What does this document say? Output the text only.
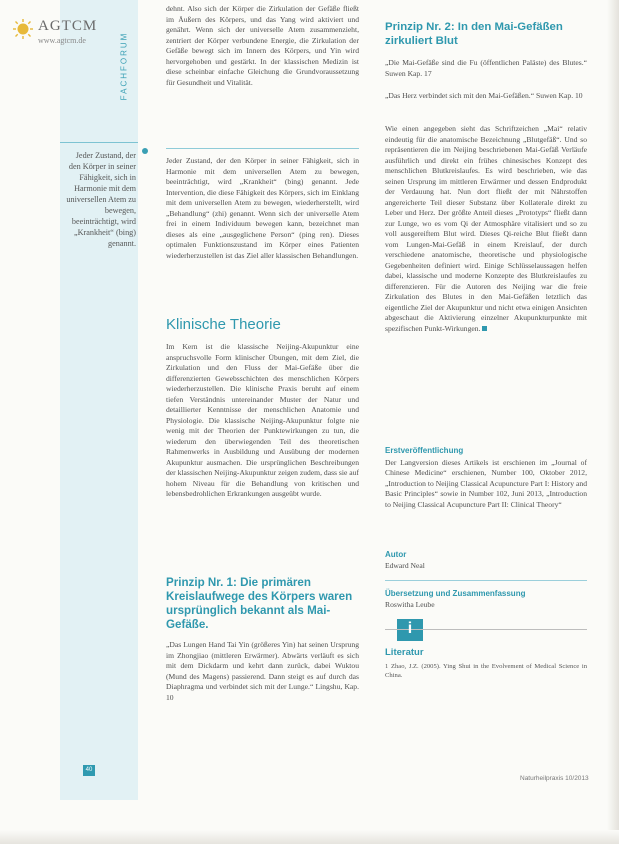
AGTCM
www.agtcm.de	FACHFORUM
Jeder Zustand, der den Körper in seiner Fähigkeit, sich in Harmonie mit dem universellen Atem zu bewegen, beeinträchtigt, wird „Krankheit“ (bing) genannt.

dehnt. Also sich der Körper die Zirkulation der Gefäße fließt im Äußern des Körpers, und das Yang wird aktiviert und genährt. Wenn sich der universelle Atem zusammenzieht, zentriert der Körper verbundene Energie, die Zirkulation der Gefäße bewegt sich im Innern des Körpers, und Yin wird hervorgehoben und gestärkt. In der klassischen Medizin ist diese scheinbar einfache Gleichung die Grundvoraussetzung für Gesundheit und Vitalität.

Jeder Zustand, der den Körper in seiner Fähigkeit, sich in Harmonie mit dem universellen Atem zu bewegen, beeinträchtigt, wird „Krankheit“ (bing) genannt. Jede Intervention, die diese Fähigkeit des Körpers, sich im Einklang mit dem universellen Atem zu bewegen, wiederherstellt, wird „Behandlung“ (zhi) genannt. Wenn sich der universelle Atem frei in einem Individuum bewegen kann, bezeichnet man dieses als eine „ausgeglichene Person“ (ping ren). Dieses optimalen Funktionszustand im Körper eines Patienten wiederherzustellen ist das Ziel aller klassischen Behandlungen.

Klinische Theorie

Im Kern ist die klassische Neijing-Akupunktur eine anspruchsvolle Form klinischer Übungen, mit dem Ziel, die Zirkulation und den Fluss der Mai-Gefäße über die differenzierten Gewebsschichten des menschlichen Körpers wiederherzustellen. Die klinische Praxis beruht auf einem tiefen Verständnis untereinander Muster der Natur und detaillierter Kenntnisse der menschlichen Anatomie und Physiologie. Die klassische Neijing-Akupunktur folgte nie wenig mit der Theorien der Punktewirkungen zu tun, die wiederum den überwiegenden Teil des theoretischen Rahmenwerks in Ausbildung und Ausübung der modernen Akupunktur ausmachen. Die ursprünglichen Beschreibungen der klassischen Neijing-Akupunktur zeigen zudem, dass sie auf hohem Niveau für die Behandlung von kritischen und lebensbedrohlichen Erkrankungen ausgeübt wurde.

Prinzip Nr. 1: Die primären Kreislaufwege des Körpers waren ursprünglich bekannt als Mai-Gefäße.

„Das Lungen Hand Tai Yin (größeres Yin) hat seinen Ursprung im Zhongjiao (mittleren Erwärmer). Abwärts verläuft es sich mit dem Dickdarm und kehrt dann zurück, dabei Wuktou (Mund des Magens) passierend. Dann steigt es auf durch das Diaphragma und verbindet sich mit der Lunge.“ Lingshu, Kap. 10

Prinzip Nr. 2: In den Mai-Gefäßen zirkuliert Blut

„Die Mai-Gefäße sind die Fu (öffentlichen Paläste) des Blutes.“ Suwen Kap. 17

„Das Herz verbindet sich mit den Mai-Gefäßen.“ Suwen Kap. 10

Wie einen angegeben sieht das Schriftzeichen „Mai“ relativ eindeutig für die anatomische Bezeichnung „Blutgefäß“. Und so repräsentieren die im Neijing beschriebenen Mai-Gefäß Verläufe ausführlich und direkt ein frühes chinesisches Konzept des menschlichen Blutkreislaufes. Es wird beschrieben, wie das seinen Ursprung im mittleren Erwärmer und dessen Endprodukt der Verdauung hat. Nun dort fließt der mit Nährstoffen angereicherte Teil dieser Substanz über Kollaterale direkt zu Leber und Herz. Der größte Anteil dieses „Prototyps“ fließt dann zur Lunge, wo es vom Qi der Atmosphäre vitalisiert und so zu voll ausgereiftem Blut wird. Dieses Qi-reiche Blut fließt dann vom Lungen-Mai-Gefäß in einem Kreislauf, der durch verschiedene anatomische, theoretische und physiologische Gegebenheiten definiert wird. Einige Schlüsselaussagen helfen dabei, klassische und moderne Konzepte des Blutkreislaufes zu differenzieren. Für die Autoren des Neijing war die freie Zirkulation des Blutes in den Mai-Gefäßen letztlich das eigentliche Ziel der Akupunktur und nicht etwa einigen Ansichten abgeschaut die Aktivierung einzelner Akupunkturpunkte mit spezifischen Punkt-Wirkungen.

Erstveröffentlichung

Der Langversion dieses Artikels ist erschienen im „Journal of Chinese Medicine“ erschienen, Number 100, Oktober 2012, „Introduction to Neijing Classical Acupuncture Part I: History and Basic Principles“ sowie in Number 102, Juni 2013, „Introduction to Neijing Classical Acupuncture Part II: Clinical Theory“

Autor

Edward Neal

Übersetzung und Zusammenfassung

Roswitha Leube

i

Literatur

1 Zhao, J.Z. (2005). Ying Shui in the Evolvement of Medical Science in China.

40
Naturheilpraxis 10/2013
